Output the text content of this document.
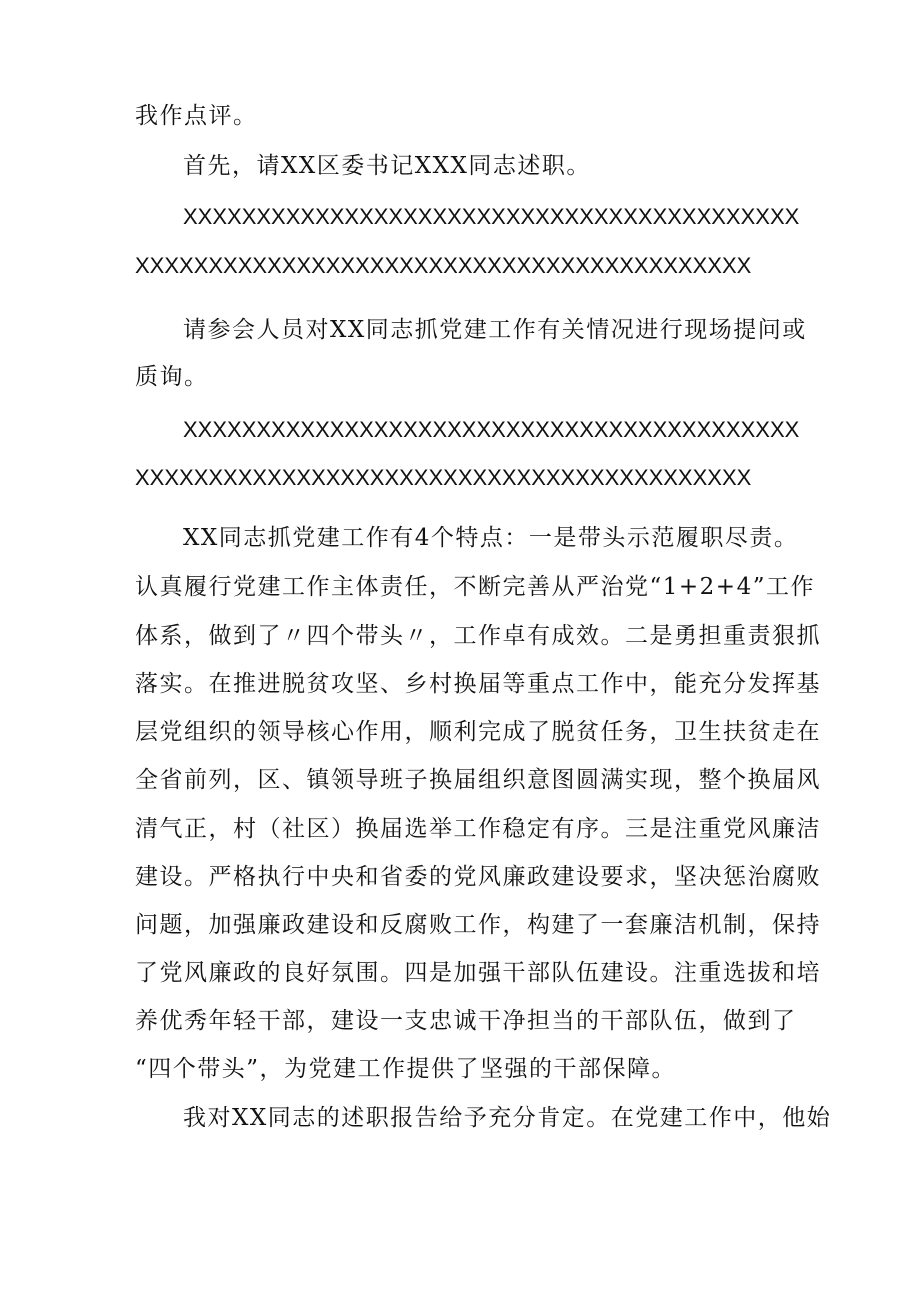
我作点评。

首先，请XX区委书记XXX同志述职。

XXXXXXXXXXXXXXXXXXXXXXXXXXXXXXXXXXXXXXXXXX

XXXXXXXXXXXXXXXXXXXXXXXXXXXXXXXXXXXXXXXXXX

请参会人员对XX同志抓党建工作有关情况进行现场提问或

质询。

XXXXXXXXXXXXXXXXXXXXXXXXXXXXXXXXXXXXXXXXXX

XXXXXXXXXXXXXXXXXXXXXXXXXXXXXXXXXXXXXXXXXX

XX同志抓党建工作有4个特点：一是带头示范履职尽责。

认真履行党建工作主体责任，不断完善从严治党“1+2+4”工作

体系，做到了〃四个带头〃，工作卓有成效。二是勇担重责狠抓

落实。在推进脱贫攻坚、乡村换届等重点工作中，能充分发挥基

层党组织的领导核心作用，顺利完成了脱贫任务，卫生扶贫走在

全省前列，区、镇领导班子换届组织意图圆满实现，整个换届风

清气正，村（社区）换届选举工作稳定有序。三是注重党风廉洁

建设。严格执行中央和省委的党风廉政建设要求，坚决惩治腐败

问题，加强廉政建设和反腐败工作，构建了一套廉洁机制，保持

了党风廉政的良好氛围。四是加强干部队伍建设。注重选拔和培

养优秀年轻干部，建设一支忠诚干净担当的干部队伍，做到了

“四个带头”，为党建工作提供了坚强的干部保障。

我对XX同志的述职报告给予充分肯定。在党建工作中，他始
